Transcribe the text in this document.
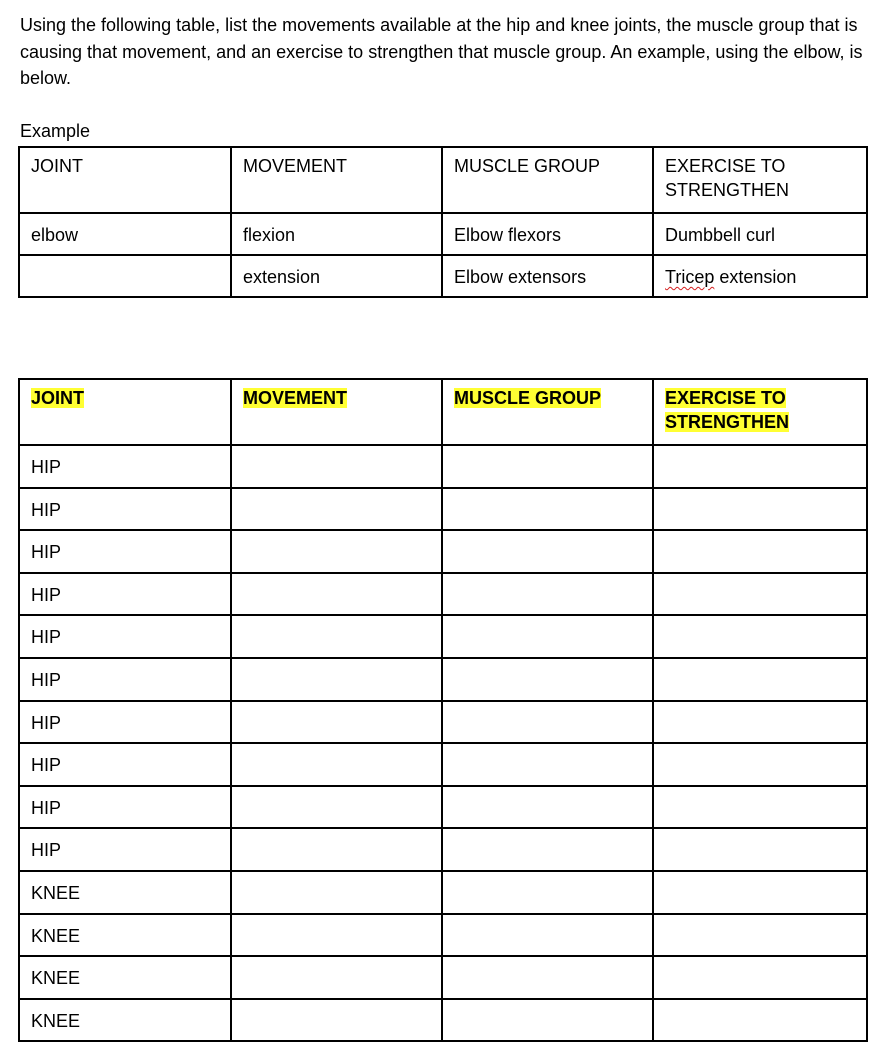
Using the following table, list the movements available at the hip and knee joints, the muscle group that is causing that movement, and an exercise to strengthen that muscle group. An example, using the elbow, is below.

Example

JOINT	MOVEMENT	MUSCLE GROUP	EXERCISE TO STRENGTHEN
elbow	flexion	Elbow flexors	Dumbbell curl
	extension	Elbow extensors	Tricep extension
JOINT	MOVEMENT	MUSCLE GROUP	EXERCISE TO STRENGTHEN
HIP			
HIP			
HIP			
HIP			
HIP			
HIP			
HIP			
HIP			
HIP			
HIP			
KNEE			
KNEE			
KNEE			
KNEE			
